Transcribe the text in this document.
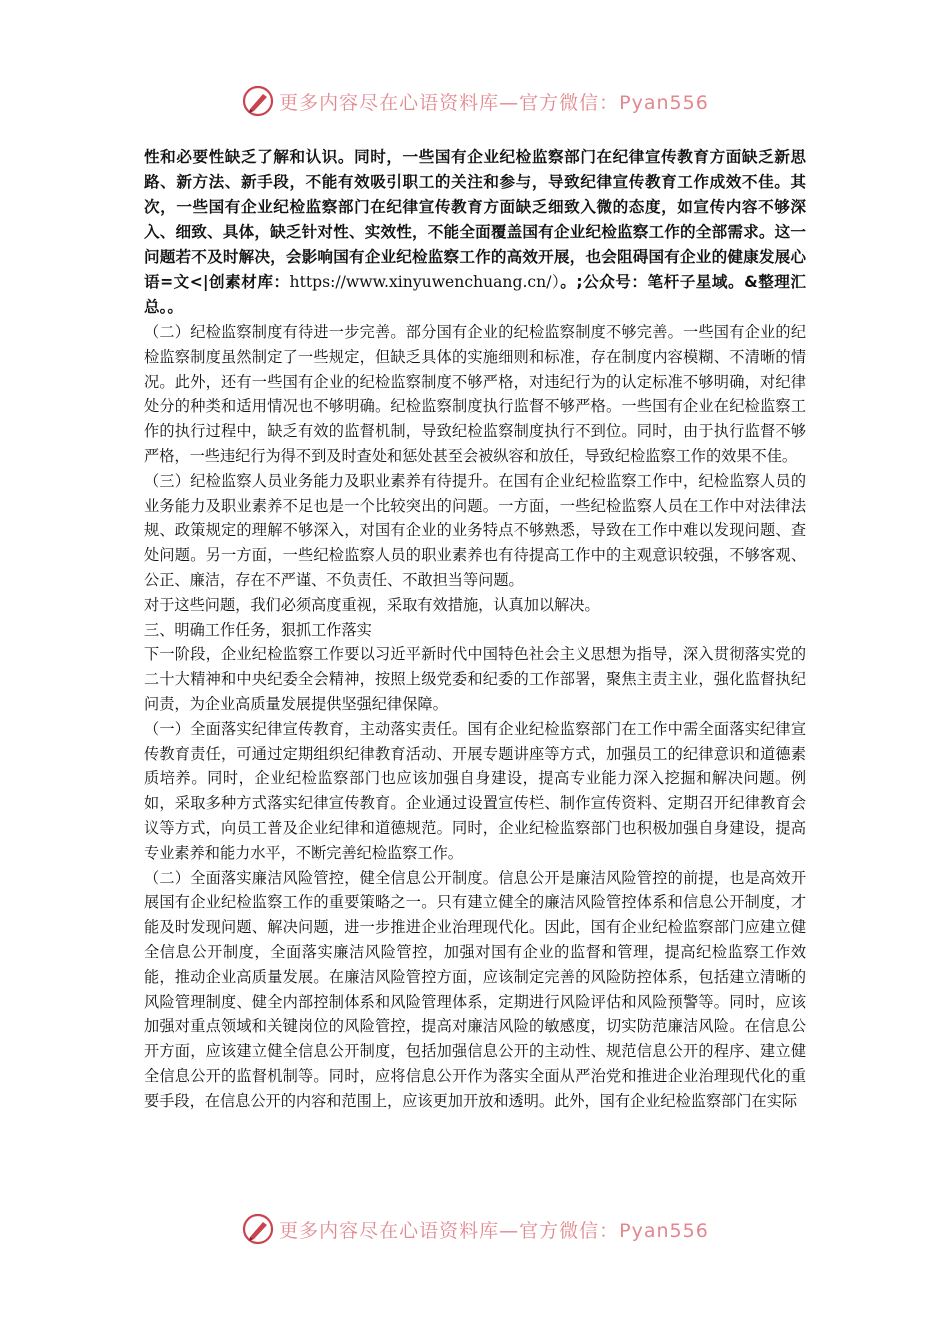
更多内容尽在心语资料库—官方微信：Pyan556

性和必要性缺乏了解和认识。同时，一些国有企业纪检监察部门在纪律宣传教育方面缺乏新思路、新方法、新手段，不能有效吸引职工的关注和参与，导致纪律宣传教育工作成效不佳。其次，一些国有企业纪检监察部门在纪律宣传教育方面缺乏细致入微的态度，如宣传内容不够深入、细致、具体，缺乏针对性、实效性，不能全面覆盖国有企业纪检监察工作的全部需求。这一问题若不及时解决，会影响国有企业纪检监察工作的高效开展，也会阻碍国有企业的健康发展心语=文<|创素材库：https://www.xinyuwenchuang.cn/）。;公众号：笔杆子星域。&整理汇总。。

（二）纪检监察制度有待进一步完善。部分国有企业的纪检监察制度不够完善。一些国有企业的纪检监察制度虽然制定了一些规定，但缺乏具体的实施细则和标准，存在制度内容模糊、不清晰的情况。此外，还有一些国有企业的纪检监察制度不够严格，对违纪行为的认定标准不够明确，对纪律处分的种类和适用情况也不够明确。纪检监察制度执行监督不够严格。一些国有企业在纪检监察工作的执行过程中，缺乏有效的监督机制，导致纪检监察制度执行不到位。同时，由于执行监督不够严格，一些违纪行为得不到及时查处和惩处甚至会被纵容和放任，导致纪检监察工作的效果不佳。

（三）纪检监察人员业务能力及职业素养有待提升。在国有企业纪检监察工作中，纪检监察人员的业务能力及职业素养不足也是一个比较突出的问题。一方面，一些纪检监察人员在工作中对法律法规、政策规定的理解不够深入，对国有企业的业务特点不够熟悉，导致在工作中难以发现问题、查处问题。另一方面，一些纪检监察人员的职业素养也有待提高工作中的主观意识较强，不够客观、公正、廉洁，存在不严谨、不负责任、不敢担当等问题。

对于这些问题，我们必须高度重视，采取有效措施，认真加以解决。

三、明确工作任务，狠抓工作落实

下一阶段，企业纪检监察工作要以习近平新时代中国特色社会主义思想为指导，深入贯彻落实党的二十大精神和中央纪委全会精神，按照上级党委和纪委的工作部署，聚焦主责主业，强化监督执纪问责，为企业高质量发展提供坚强纪律保障。

（一）全面落实纪律宣传教育，主动落实责任。国有企业纪检监察部门在工作中需全面落实纪律宣传教育责任，可通过定期组织纪律教育活动、开展专题讲座等方式，加强员工的纪律意识和道德素质培养。同时，企业纪检监察部门也应该加强自身建设，提高专业能力深入挖掘和解决问题。例如，采取多种方式落实纪律宣传教育。企业通过设置宣传栏、制作宣传资料、定期召开纪律教育会议等方式，向员工普及企业纪律和道德规范。同时，企业纪检监察部门也积极加强自身建设，提高专业素养和能力水平，不断完善纪检监察工作。

（二）全面落实廉洁风险管控，健全信息公开制度。信息公开是廉洁风险管控的前提，也是高效开展国有企业纪检监察工作的重要策略之一。只有建立健全的廉洁风险管控体系和信息公开制度，才能及时发现问题、解决问题，进一步推进企业治理现代化。因此，国有企业纪检监察部门应建立健全信息公开制度，全面落实廉洁风险管控，加强对国有企业的监督和管理，提高纪检监察工作效能，推动企业高质量发展。在廉洁风险管控方面，应该制定完善的风险防控体系，包括建立清晰的风险管理制度、健全内部控制体系和风险管理体系，定期进行风险评估和风险预警等。同时，应该加强对重点领域和关键岗位的风险管控，提高对廉洁风险的敏感度，切实防范廉洁风险。在信息公开方面，应该建立健全信息公开制度，包括加强信息公开的主动性、规范信息公开的程序、建立健全信息公开的监督机制等。同时，应将信息公开作为落实全面从严治党和推进企业治理现代化的重要手段，在信息公开的内容和范围上，应该更加开放和透明。此外，国有企业纪检监察部门在实际

更多内容尽在心语资料库—官方微信：Pyan556
